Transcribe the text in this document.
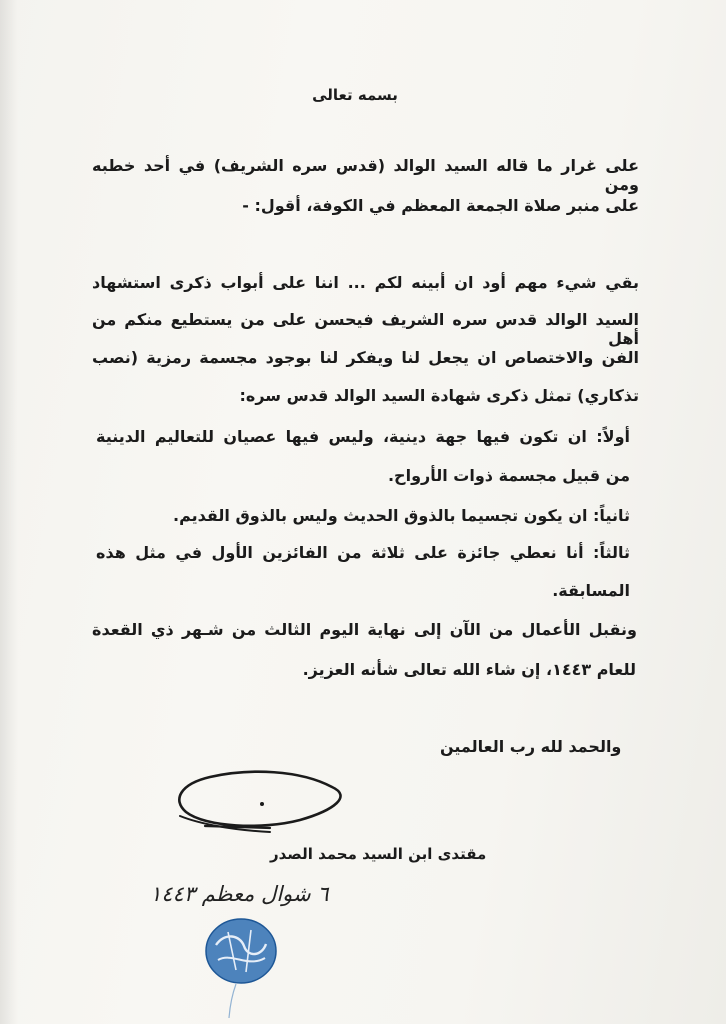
بسمه تعالى
على غرار ما قاله السيد الوالد (قدس سره الشريف) في أحد خطبه ومن
على منبر صلاة الجمعة المعظم في الكوفة، أقول: -
بقي شيء مهم أود ان أبينه لكم ... اننا على أبواب ذكرى استشهاد
السيد الوالد قدس سره الشريف فيحسن على من يستطيع منكم من أهل
الفن والاختصاص ان يجعل لنا ويفكر لنا بوجود مجسمة رمزية (نصب
تذكاري) تمثل ذكرى شهادة السيد الوالد قدس سره:
أولاً: ان تكون فيها جهة دينية، وليس فيها عصيان للتعاليم الدينية
من قبيل مجسمة ذوات الأرواح.
ثانياً: ان يكون تجسيما بالذوق الحديث وليس بالذوق القديم.
ثالثاً: أنا نعطي جائزة على ثلاثة من الفائزين الأول في مثل هذه
المسابقة.
ونقبل الأعمال من الآن إلى نهاية اليوم الثالث من شـهر ذي القعدة
للعام ١٤٤٣، إن شاء الله تعالى شأنه العزيز.
والحمد لله رب العالمين
مقتدى ابن السيد محمد الصدر
٦ شوال معظم ١٤٤٣
